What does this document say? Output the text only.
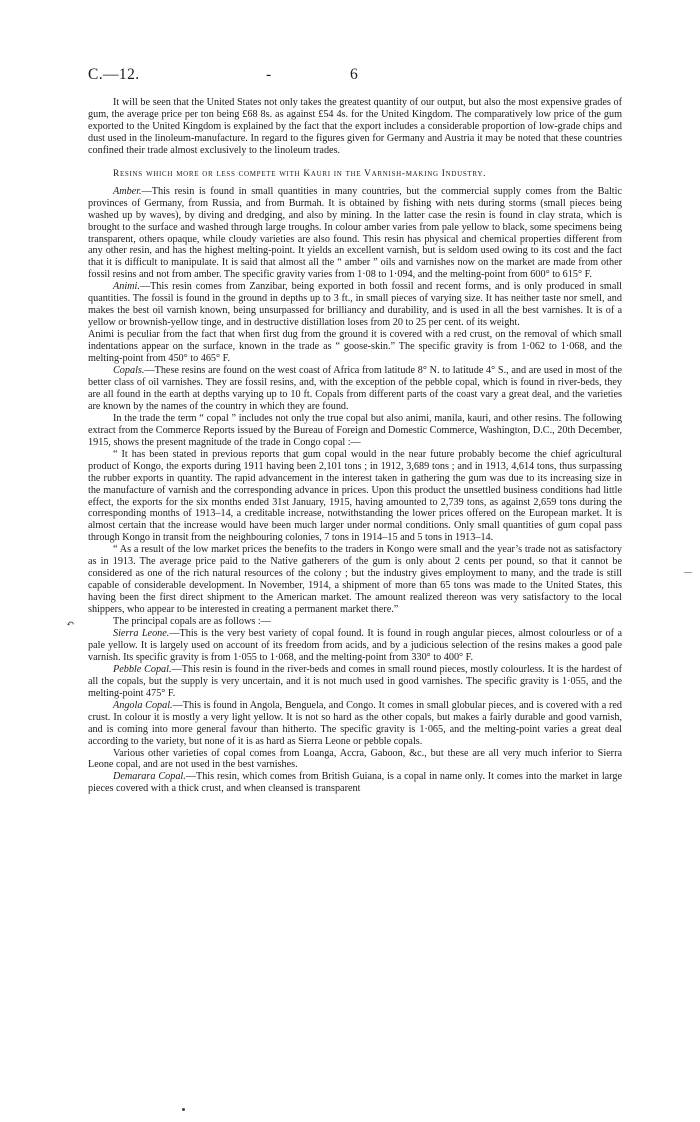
C.—12.	-	6

It will be seen that the United States not only takes the greatest quantity of our output, but also the most expensive grades of gum, the average price per ton being £68 8s. as against £54 4s. for the United Kingdom. The comparatively low price of the gum exported to the United Kingdom is explained by the fact that the export includes a considerable proportion of low-grade chips and dust used in the linoleum-manufacture. In regard to the figures given for Germany and Austria it may be noted that these countries confined their trade almost exclusively to the linoleum trades.

Resins which more or less compete with Kauri in the Varnish-making Industry.

Amber.—This resin is found in small quantities in many countries, but the commercial supply comes from the Baltic provinces of Germany, from Russia, and from Burmah. It is obtained by fishing with nets during storms (small pieces being washed up by waves), by diving and dredging, and also by mining. In the latter case the resin is found in clay strata, which is brought to the surface and washed through large troughs. In colour amber varies from pale yellow to black, some specimens being transparent, others opaque, while cloudy varieties are also found. This resin has physical and chemical properties different from any other resin, and has the highest melting-point. It yields an excellent varnish, but is seldom used owing to its cost and the fact that it is difficult to manipulate. It is said that almost all the “ amber ” oils and varnishes now on the market are made from other fossil resins and not from amber. The specific gravity varies from 1·08 to 1·094, and the melting-point from 600° to 615° F.

Animi.—This resin comes from Zanzibar, being exported in both fossil and recent forms, and is only produced in small quantities. The fossil is found in the ground in depths up to 3 ft., in small pieces of varying size. It has neither taste nor smell, and makes the best oil varnish known, being unsurpassed for brilliancy and durability, and is used in all the best varnishes. It is of a yellow or brownish-yellow tinge, and in destructive distillation loses from 20 to 25 per cent. of its weight.

Animi is peculiar from the fact that when first dug from the ground it is covered with a red crust, on the removal of which small indentations appear on the surface, known in the trade as “ goose-skin.” The specific gravity is from 1·062 to 1·068, and the melting-point from 450° to 465° F.

Copals.—These resins are found on the west coast of Africa from latitude 8° N. to latitude 4° S., and are used in most of the better class of oil varnishes. They are fossil resins, and, with the exception of the pebble copal, which is found in river-beds, they are all found in the earth at depths varying up to 10 ft. Copals from different parts of the coast vary a great deal, and the varieties are known by the names of the country in which they are found.

In the trade the term “ copal ” includes not only the true copal but also animi, manila, kauri, and other resins. The following extract from the Commerce Reports issued by the Bureau of Foreign and Domestic Commerce, Washington, D.C., 20th December, 1915, shows the present magnitude of the trade in Congo copal :—

“ It has been stated in previous reports that gum copal would in the near future probably become the chief agricultural product of Kongo, the exports during 1911 having been 2,101 tons ; in 1912, 3,689 tons ; and in 1913, 4,614 tons, thus surpassing the rubber exports in quantity. The rapid advancement in the interest taken in gathering the gum was due to its increasing size in the manufacture of varnish and the corresponding advance in prices. Upon this product the unsettled business conditions had little effect, the exports for the six months ended 31st January, 1915, having amounted to 2,739 tons, as against 2,659 tons during the corresponding months of 1913–14, a creditable increase, notwithstanding the lower prices offered on the European market. It is almost certain that the increase would have been much larger under normal conditions. Only small quantities of gum copal pass through Kongo in transit from the neighbouring colonies, 7 tons in 1914–15 and 5 tons in 1913–14.

“ As a result of the low market prices the benefits to the traders in Kongo were small and the year’s trade not as satisfactory as in 1913. The average price paid to the Native gatherers of the gum is only about 2 cents per pound, so that it cannot be considered as one of the rich natural resources of the colony ; but the industry gives employment to many, and the trade is still capable of considerable development. In November, 1914, a shipment of more than 65 tons was made to the United States, this having been the first direct shipment to the American market. The amount realized thereon was very satisfactory to the local shippers, who appear to be interested in creating a permanent market there.”

The principal copals are as follows :—

Sierra Leone.—This is the very best variety of copal found. It is found in rough angular pieces, almost colourless or of a pale yellow. It is largely used on account of its freedom from acids, and by a judicious selection of the resins makes a good pale varnish. Its specific gravity is from 1·055 to 1·068, and the melting-point from 330° to 400° F.

Pebble Copal.—This resin is found in the river-beds and comes in small round pieces, mostly colourless. It is the hardest of all the copals, but the supply is very uncertain, and it is not much used in good varnishes. The specific gravity is 1·055, and the melting-point 475° F.

Angola Copal.—This is found in Angola, Benguela, and Congo. It comes in small globular pieces, and is covered with a red crust. In colour it is mostly a very light yellow. It is not so hard as the other copals, but makes a fairly durable and good varnish, and is coming into more general favour than hitherto. The specific gravity is 1·065, and the melting-point varies a great deal according to the variety, but none of it is as hard as Sierra Leone or pebble copals.

Various other varieties of copal comes from Loanga, Accra, Gaboon, &c., but these are all very much inferior to Sierra Leone copal, and are not used in the best varnishes.

Demarara Copal.—This resin, which comes from British Guiana, is a copal in name only. It comes into the market in large pieces covered with a thick crust, and when cleansed is transparent

↶
